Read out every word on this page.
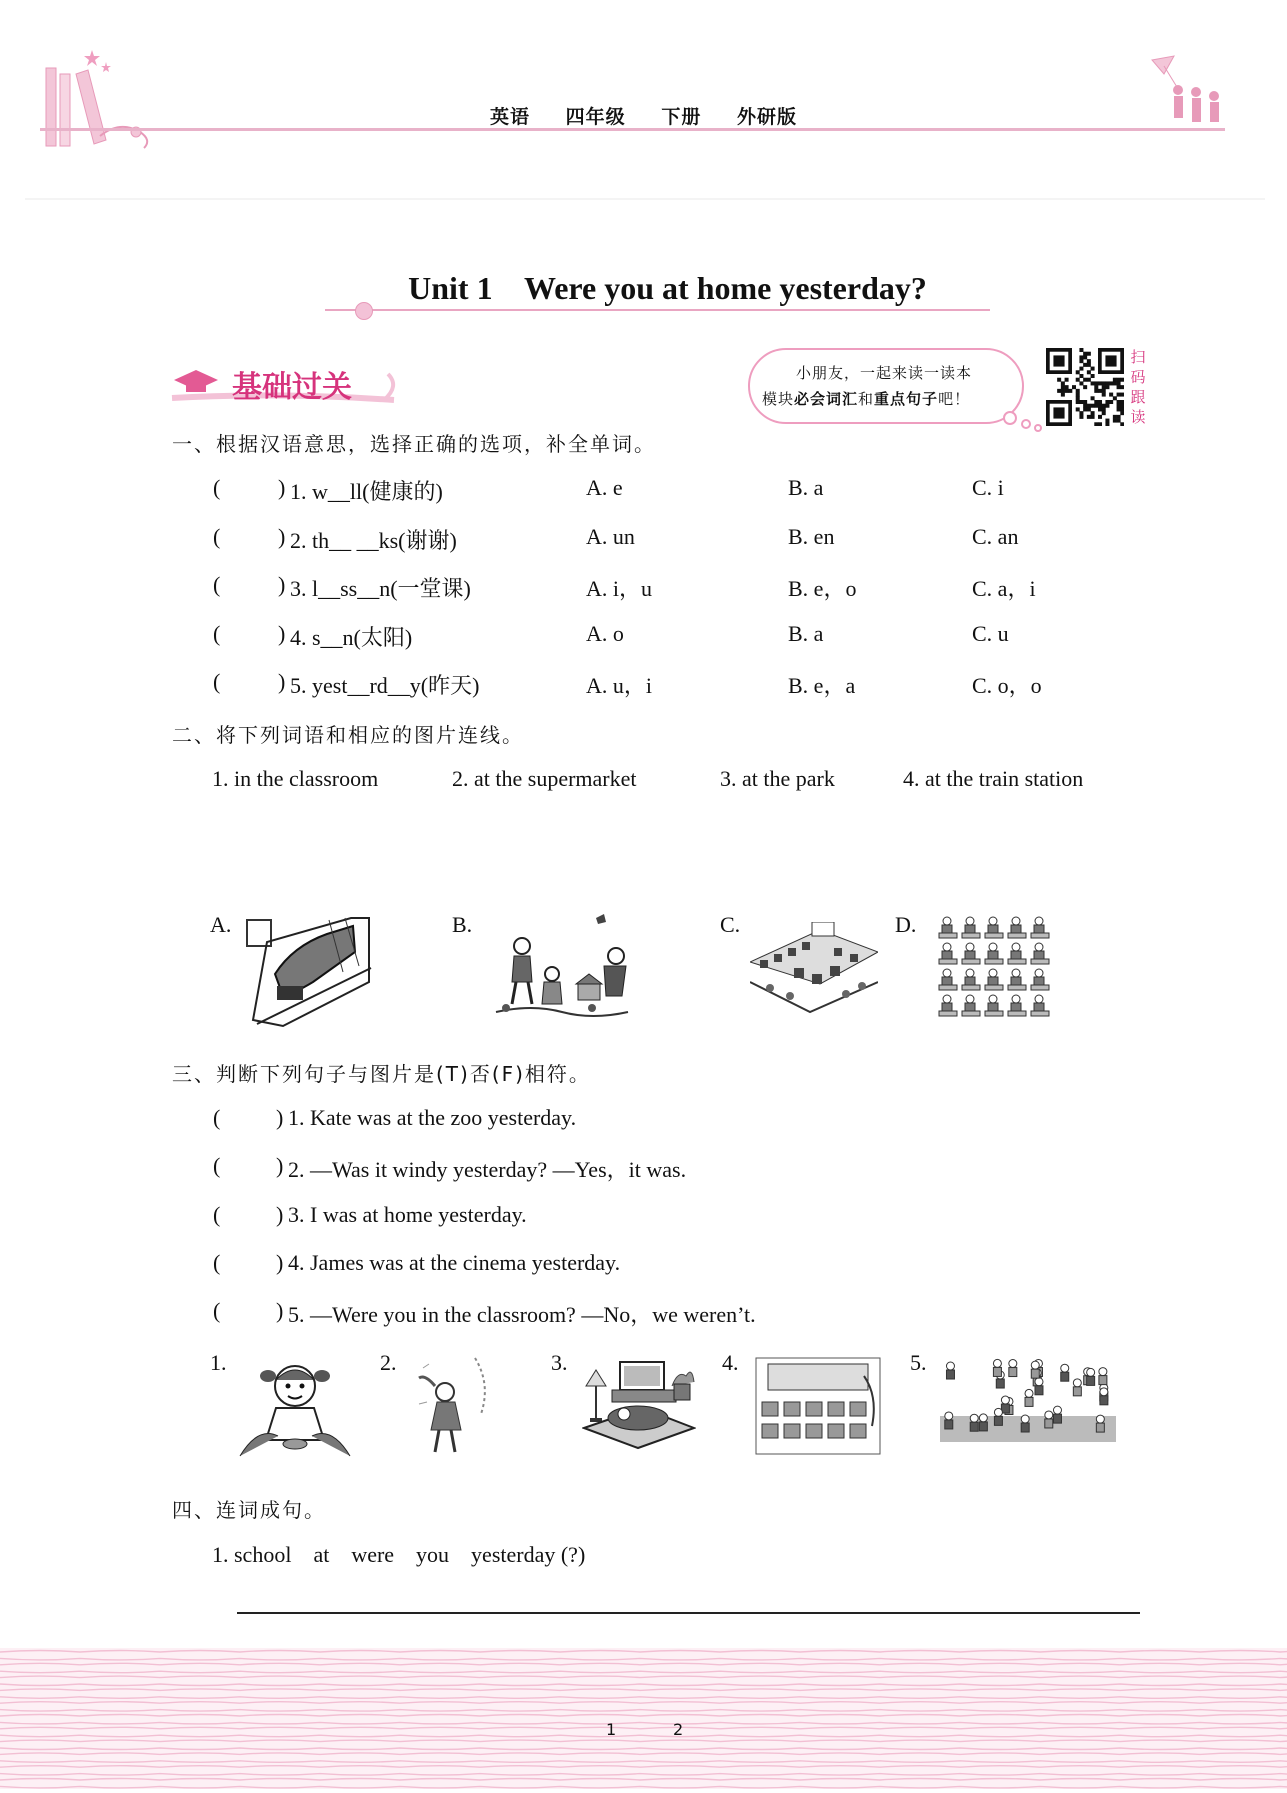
英语 四年级 下册 外研版
Unit 1    Were you at home yesterday?
基础过关	小朋友，一起来读一读本
模块必会词汇和重点句子吧！
扫码跟读
一、根据汉语意思，选择正确的选项，补全单词。
(	) 1. w__ll(健康的)	A. e	B. a	C. i
(	) 2. th__ __ks(谢谢)	A. un	B. en	C. an
(	) 3. l__ss__n(一堂课)	A. i，u	B. e，o	C. a，i
(	) 4. s__n(太阳)	A. o	B. a	C. u
(	) 5. yest__rd__y(昨天)	A. u，i	B. e，a	C. o，o
二、将下列词语和相应的图片连线。
1. in the classroom	2. at the supermarket	3. at the park	4. at the train station
A.	B.	C.	D.
三、判断下列句子与图片是(T)否(F)相符。
(	) 1. Kate was at the zoo yesterday.
(	) 2. —Was it windy yesterday? —Yes，it was.
(	) 3. I was at home yesterday.
(	) 4. James was at the cinema yesterday.
(	) 5. —Were you in the classroom? —No，we weren’t.
1.	2.	3.	4.	5.
四、连词成句。
1. school    at    were    you    yesterday (?)
1	2
